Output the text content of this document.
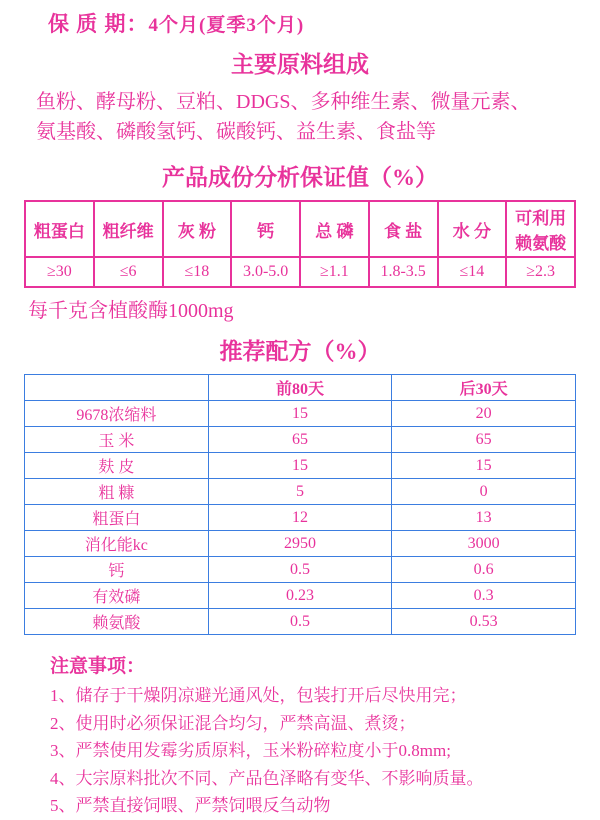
保 质 期：4个月(夏季3个月)
主要原料组成
鱼粉、酵母粉、豆粕、DDGS、多种维生素、微量元素、
氨基酸、磷酸氢钙、碳酸钙、益生素、食盐等
产品成份分析保证值（%）
粗蛋白	粗纤维	灰 粉	钙	总 磷	食 盐	水 分	可利用赖氨酸
≥30	≤6	≤18	3.0-5.0	≥1.1	1.8-3.5	≤14	≥2.3
每千克含植酸酶1000mg
推荐配方（%）
	前80天	后30天
9678浓缩料	15	20
玉 米	65	65
麸 皮	15	15
粗 糠	5	0
粗蛋白	12	13
消化能kc	2950	3000
钙	0.5	0.6
有效磷	0.23	0.3
赖氨酸	0.5	0.53
注意事项：
1、储存于干燥阴凉避光通风处，包装打开后尽快用完；
2、使用时必须保证混合均匀，严禁高温、煮烫；
3、严禁使用发霉劣质原料，玉米粉碎粒度小于0.8mm;
4、大宗原料批次不同、产品色泽略有变华、不影响质量。
5、严禁直接饲喂、严禁饲喂反刍动物
